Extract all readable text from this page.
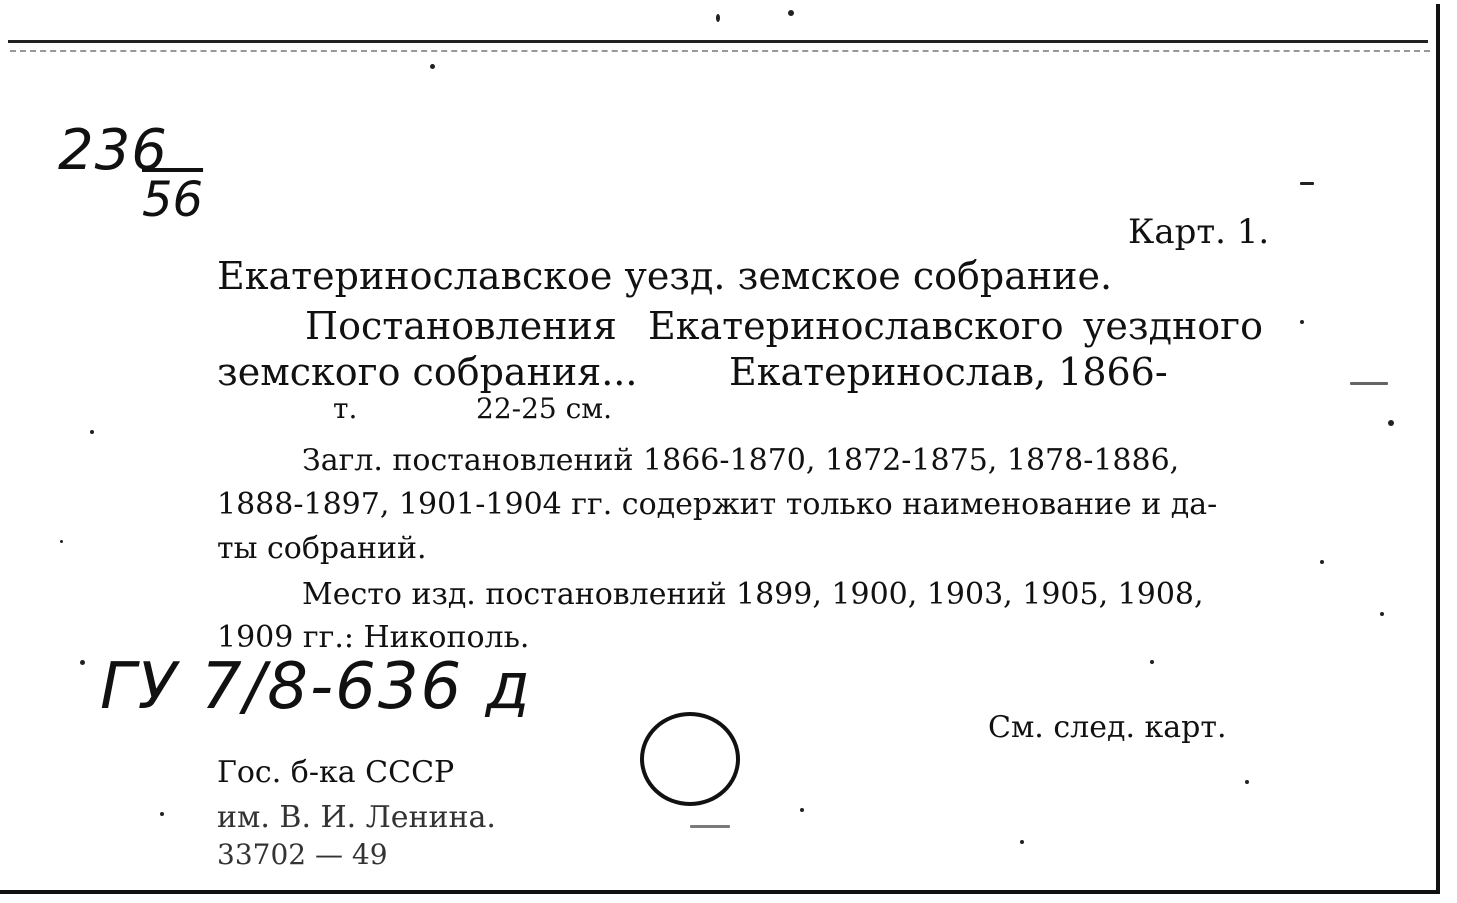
236
56
Карт. 1.
Екатеринославское уезд. земское собрание.
Постановления Екатеринославского уездного
земского собрания... Екатеринослав, 1866-
т.	22-25 см.
Загл. постановлений 1866-1870, 1872-1875, 1878-1886,
1888-1897, 1901-1904 гг. содержит только наименование и да-
ты собраний.
Место изд. постановлений 1899, 1900, 1903, 1905, 1908,
1909 гг.: Никополь.
ГУ 7/8-636 д
См. след. карт.
Гос. б-ка СССР
им. В. И. Ленина.
33702 — 49
